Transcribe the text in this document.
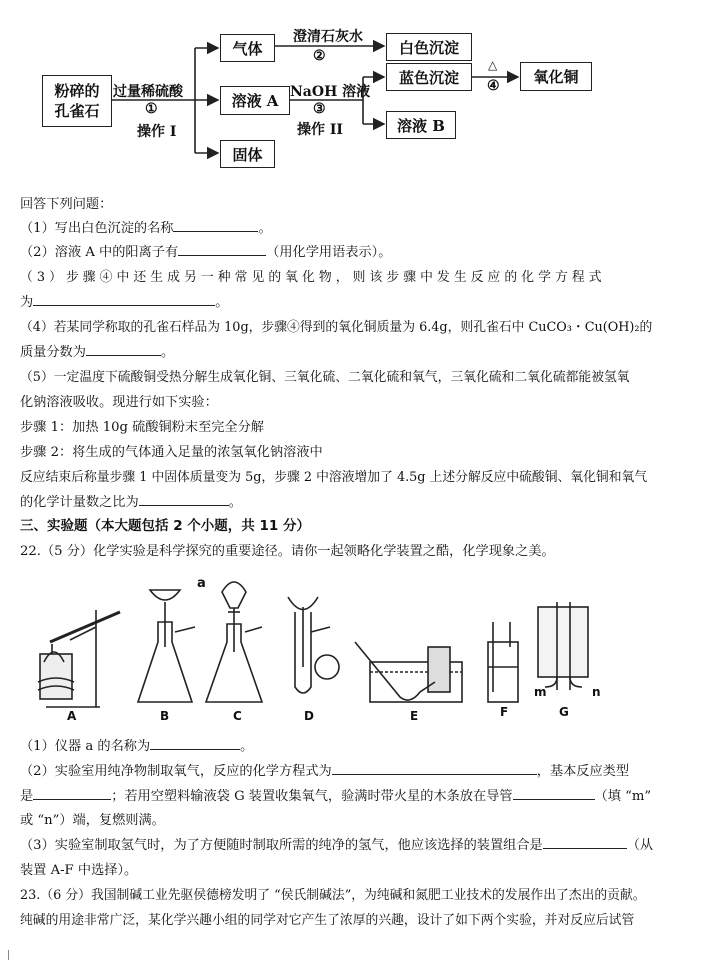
粉碎的
孔雀石
气体
溶液 A
固体
白色沉淀
蓝色沉淀
溶液 B
氧化铜
过量稀硫酸
①
操作 I
澄清石灰水
②
NaOH 溶液
③
操作 II
△
④
回答下列问题：
（1）写出白色沉淀的名称	。
（2）溶液 A 中的阳离子有	（用化学用语表示）。
（ 3 ） 步 骤 ④ 中 还 生 成 另 一 种 常 见 的 氧 化 物 ， 则 该 步 骤 中 发 生 反 应 的 化 学 方 程 式
为	。
（4）若某同学称取的孔雀石样品为 10g，步骤④得到的氧化铜质量为 6.4g，则孔雀石中 CuCO₃・Cu(OH)₂的
质量分数为	。
（5）一定温度下硫酸铜受热分解生成氧化铜、三氧化硫、二氧化硫和氧气，三氧化硫和二氧化硫都能被氢氧
化钠溶液吸收。现进行如下实验：
步骤 1：加热 10g 硫酸铜粉末至完全分解
步骤 2：将生成的气体通入足量的浓氢氧化钠溶液中
反应结束后称量步骤 1 中固体质量变为 5g，步骤 2 中溶液增加了 4.5g 上述分解反应中硫酸铜、氧化铜和氧气
的化学计量数之比为	。
三、实验题（本大题包括 2 个小题，共 11 分）
22.（5 分）化学实验是科学探究的重要途径。请你一起领略化学装置之酷，化学现象之美。
a
A	B	C	D	E	F	G
m	n
（1）仪器 a 的名称为	。
（2）实验室用纯净物制取氧气，反应的化学方程式为	，基本反应类型
是	；若用空塑料输液袋 G 装置收集氧气，验满时带火星的木条放在导管	（填 “m”
或 “n”）端，复燃则满。
（3）实验室制取氢气时，为了方便随时制取所需的纯净的氢气，他应该选择的装置组合是	（从
装置 A-F 中选择）。
23.（6 分）我国制碱工业先驱侯德榜发明了 “侯氏制碱法”，为纯碱和氮肥工业技术的发展作出了杰出的贡献。
纯碱的用途非常广泛，某化学兴趣小组的同学对它产生了浓厚的兴趣，设计了如下两个实验，并对反应后试管
